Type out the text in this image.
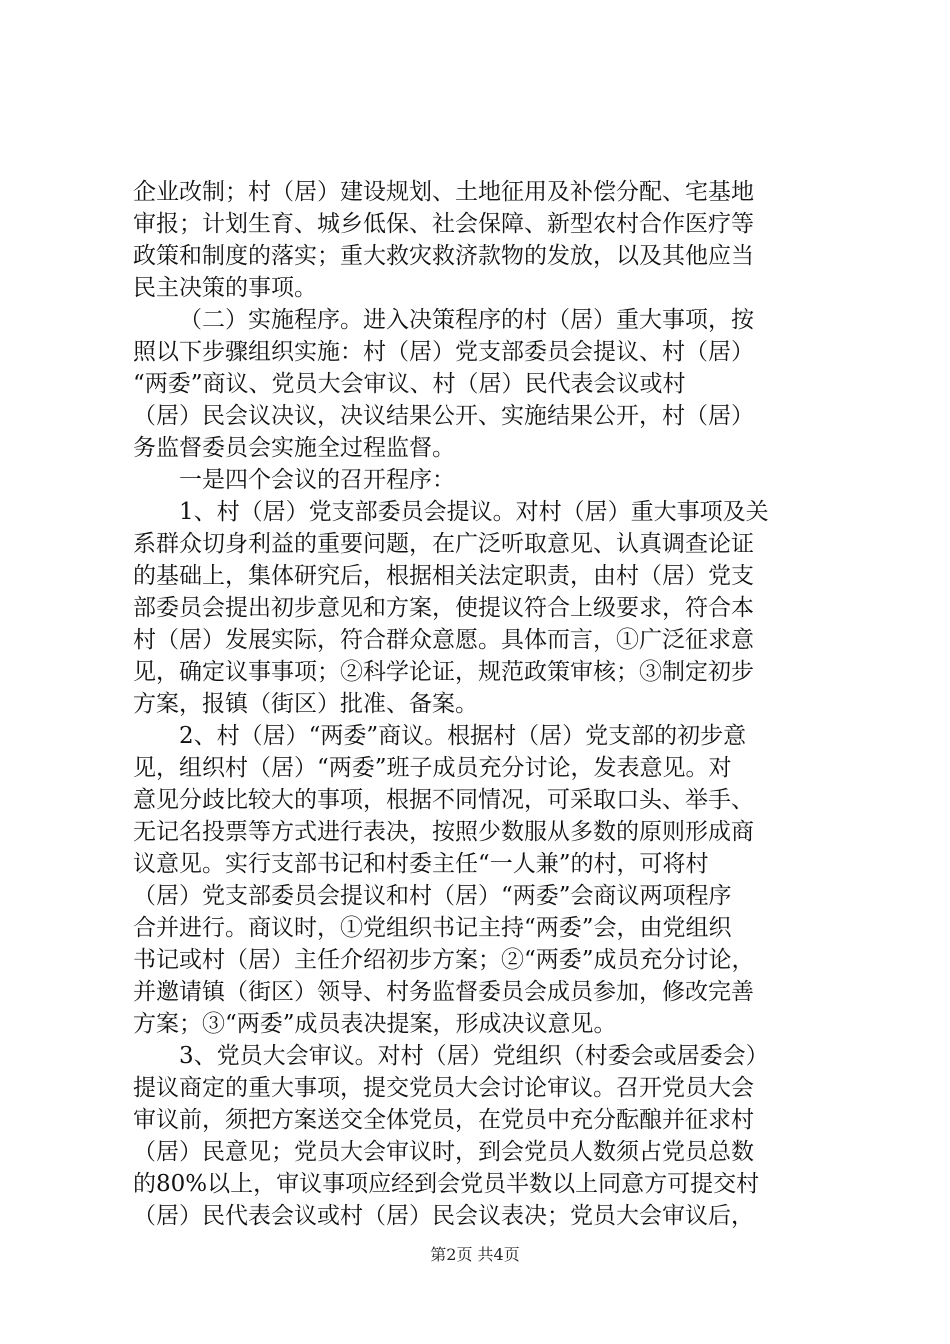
企业改制；村（居）建设规划、土地征用及补偿分配、宅基地
审报；计划生育、城乡低保、社会保障、新型农村合作医疗等
政策和制度的落实；重大救灾救济款物的发放，以及其他应当
民主决策的事项。
（二）实施程序。进入决策程序的村（居）重大事项，按
照以下步骤组织实施：村（居）党支部委员会提议、村（居）
“两委”商议、党员大会审议、村（居）民代表会议或村
（居）民会议决议，决议结果公开、实施结果公开，村（居）
务监督委员会实施全过程监督。
一是四个会议的召开程序：
1、村（居）党支部委员会提议。对村（居）重大事项及关
系群众切身利益的重要问题，在广泛听取意见、认真调查论证
的基础上，集体研究后，根据相关法定职责，由村（居）党支
部委员会提出初步意见和方案，使提议符合上级要求，符合本
村（居）发展实际，符合群众意愿。具体而言，①广泛征求意
见，确定议事事项；②科学论证，规范政策审核；③制定初步
方案，报镇（街区）批准、备案。
2、村（居）“两委”商议。根据村（居）党支部的初步意
见，组织村（居）“两委”班子成员充分讨论，发表意见。对
意见分歧比较大的事项，根据不同情况，可采取口头、举手、
无记名投票等方式进行表决，按照少数服从多数的原则形成商
议意见。实行支部书记和村委主任“一人兼”的村，可将村
（居）党支部委员会提议和村（居）“两委”会商议两项程序
合并进行。商议时，①党组织书记主持“两委”会，由党组织
书记或村（居）主任介绍初步方案；②“两委”成员充分讨论，
并邀请镇（街区）领导、村务监督委员会成员参加，修改完善
方案；③“两委”成员表决提案，形成决议意见。
3、党员大会审议。对村（居）党组织（村委会或居委会）
提议商定的重大事项，提交党员大会讨论审议。召开党员大会
审议前，须把方案送交全体党员，在党员中充分酝酿并征求村
（居）民意见；党员大会审议时，到会党员人数须占党员总数
的80%以上，审议事项应经到会党员半数以上同意方可提交村
（居）民代表会议或村（居）民会议表决；党员大会审议后，
第2页 共4页
